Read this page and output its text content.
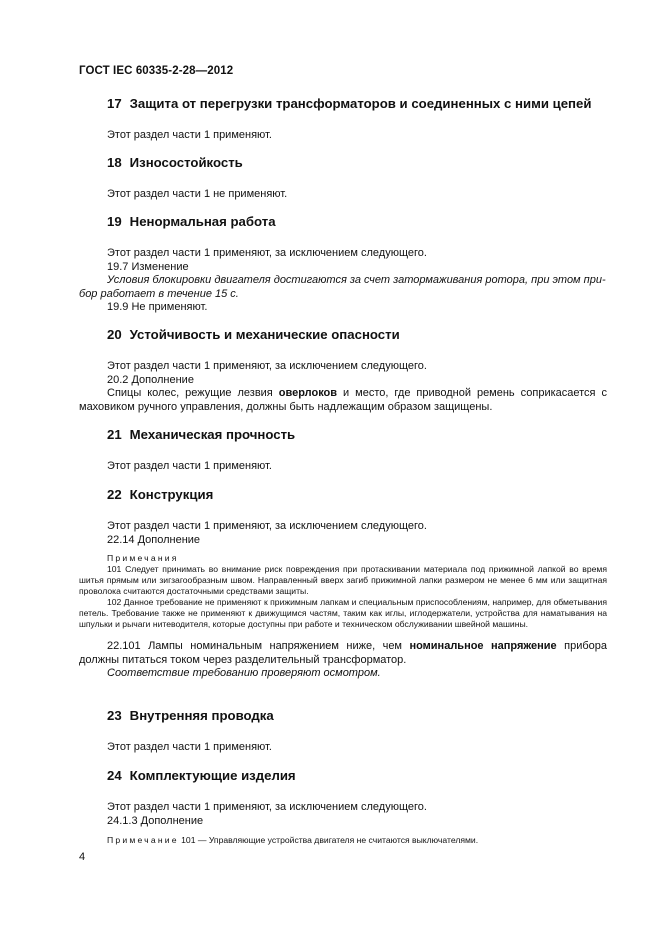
ГОСТ IEC 60335-2-28—2012
17 Защита от перегрузки трансформаторов и соединенных с ними цепей

Этот раздел части 1 применяют.

18 Износостойкость

Этот раздел части 1 не применяют.

19 Ненормальная работа

Этот раздел части 1 применяют, за исключением следующего.

19.7 Изменение

Условия блокировки двигателя достигаются за счет затормаживания ротора, при этом при-

бор работает в течение 15 с.

19.9 Не применяют.

20 Устойчивость и механические опасности

Этот раздел части 1 применяют, за исключением следующего.

20.2 Дополнение

Спицы колес, режущие лезвия оверлоков и место, где приводной ремень соприкасается с маховиком ручного управления, должны быть надлежащим образом защищены.

21 Механическая прочность

Этот раздел части 1 применяют.

22 Конструкция

Этот раздел части 1 применяют, за исключением следующего.

22.14 Дополнение

Примечания

101 Следует принимать во внимание риск повреждения при протаскивании материала под прижимной лапкой во время шитья прямым или зигзагообразным швом. Направленный вверх загиб прижимной лапки размером не менее 6 мм или защитная проволока считаются достаточными средствами защиты.

102 Данное требование не применяют к прижимным лапкам и специальным приспособлениям, например, для обметывания петель. Требование также не применяют к движущимся частям, таким как иглы, иглодержатели, устройства для наматывания на шпульки и рычаги нитеводителя, которые доступны при работе и техническом обслуживании швейной машины.

22.101 Лампы номинальным напряжением ниже, чем номинальное напряжение прибора должны питаться током через разделительный трансформатор.

Соответствие требованию проверяют осмотром.

23 Внутренняя проводка

Этот раздел части 1 применяют.

24 Комплектующие изделия

Этот раздел части 1 применяют, за исключением следующего.

24.1.3 Дополнение

Примечание 101 — Управляющие устройства двигателя не считаются выключателями.

4
